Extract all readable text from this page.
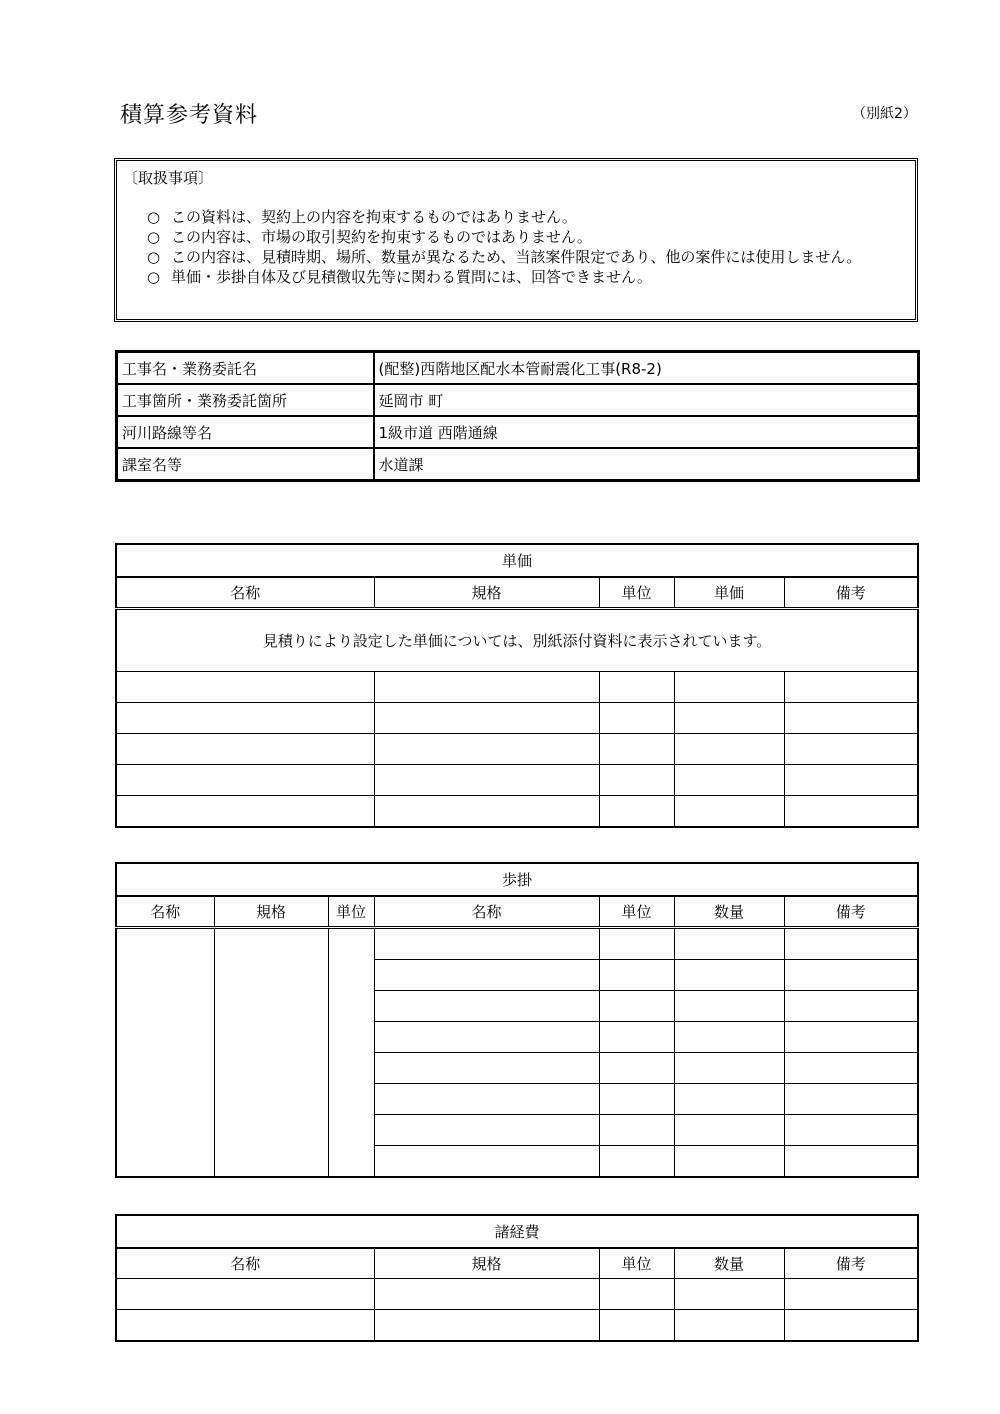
積算参考資料	（別紙2）
〔取扱事項〕
○ この資料は、契約上の内容を拘束するものではありません。
○ この内容は、市場の取引契約を拘束するものではありません。
○ この内容は、見積時期、場所、数量が異なるため、当該案件限定であり、他の案件には使用しません。
○ 単価・歩掛自体及び見積徴収先等に関わる質問には、回答できません。
工事名・業務委託名	(配整)西階地区配水本管耐震化工事(R8-2)
工事箇所・業務委託箇所	延岡市 町
河川路線等名	1級市道 西階通線
課室名等	水道課
単価				
名称	規格	単位	単価	備考
見積りにより設定した単価については、別紙添付資料に表示されています。				

歩掛						
名称	規格	単位	名称	単位	数量	備考

諸経費				
名称	規格	単位	数量	備考
